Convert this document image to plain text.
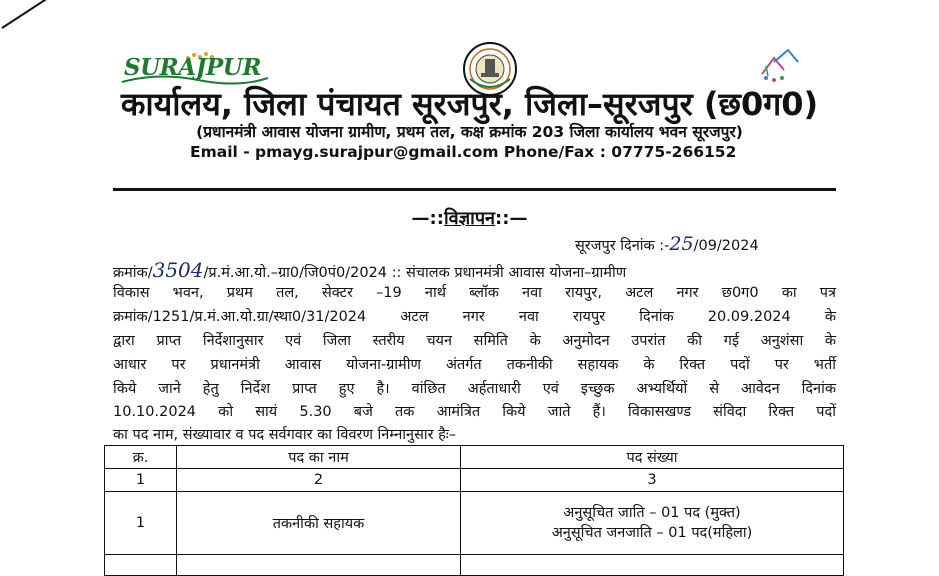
SURAJPUR
कार्यालय, जिला पंचायत सूरजपुर, जिला–सूरजपुर (छ0ग0)
(प्रधानमंत्री आवास योजना ग्रामीण, प्रथम तल, कक्ष क्रमांक 203 जिला कार्यालय भवन सूरजपुर)
Email - pmayg.surajpur@gmail.com Phone/Fax : 07775-266152
—::विज्ञापन::—
सूरजपुर दिनांक :-25/09/2024
क्रमांक/3504/प्र.मं.आ.यो.–ग्रा0/जि0पं0/2024 :: संचालक प्रधानमंत्री आवास योजना–ग्रामीण
विकास भवन, प्रथम तल, सेक्टर –19 नार्थ ब्लॉक नवा रायपुर, अटल नगर छ0ग0 का पत्र
क्रमांक/1251/प्र.मं.आ.यो.ग्रा/स्था0/31/2024 अटल नगर नवा रायपुर दिनांक 20.09.2024 के
द्वारा प्राप्त निर्देशानुसार एवं जिला स्तरीय चयन समिति के अनुमोदन उपरांत की गई अनुशंसा के
आधार पर प्रधानमंत्री आवास योजना-ग्रामीण अंतर्गत तकनीकी सहायक के रिक्त पदों पर भर्ती
किये जाने हेतु निर्देश प्राप्त हुए है। वांछित अर्हताधारी एवं इच्छुक अभ्यर्थियों से आवेदन दिनांक
10.10.2024 को सायं 5.30 बजे तक आमंत्रित किये जाते हैं। विकासखण्ड संविदा रिक्त पदों
का पद नाम, संख्यावार व पद सर्वगवार का विवरण निम्नानुसार हैः–
क्र.	पद का नाम	पद संख्या
1	2	3
1	तकनीकी सहायक	अनुसूचित जाति – 01 पद (मुक्त)
अनुसूचित जनजाति – 01 पद(महिला)
